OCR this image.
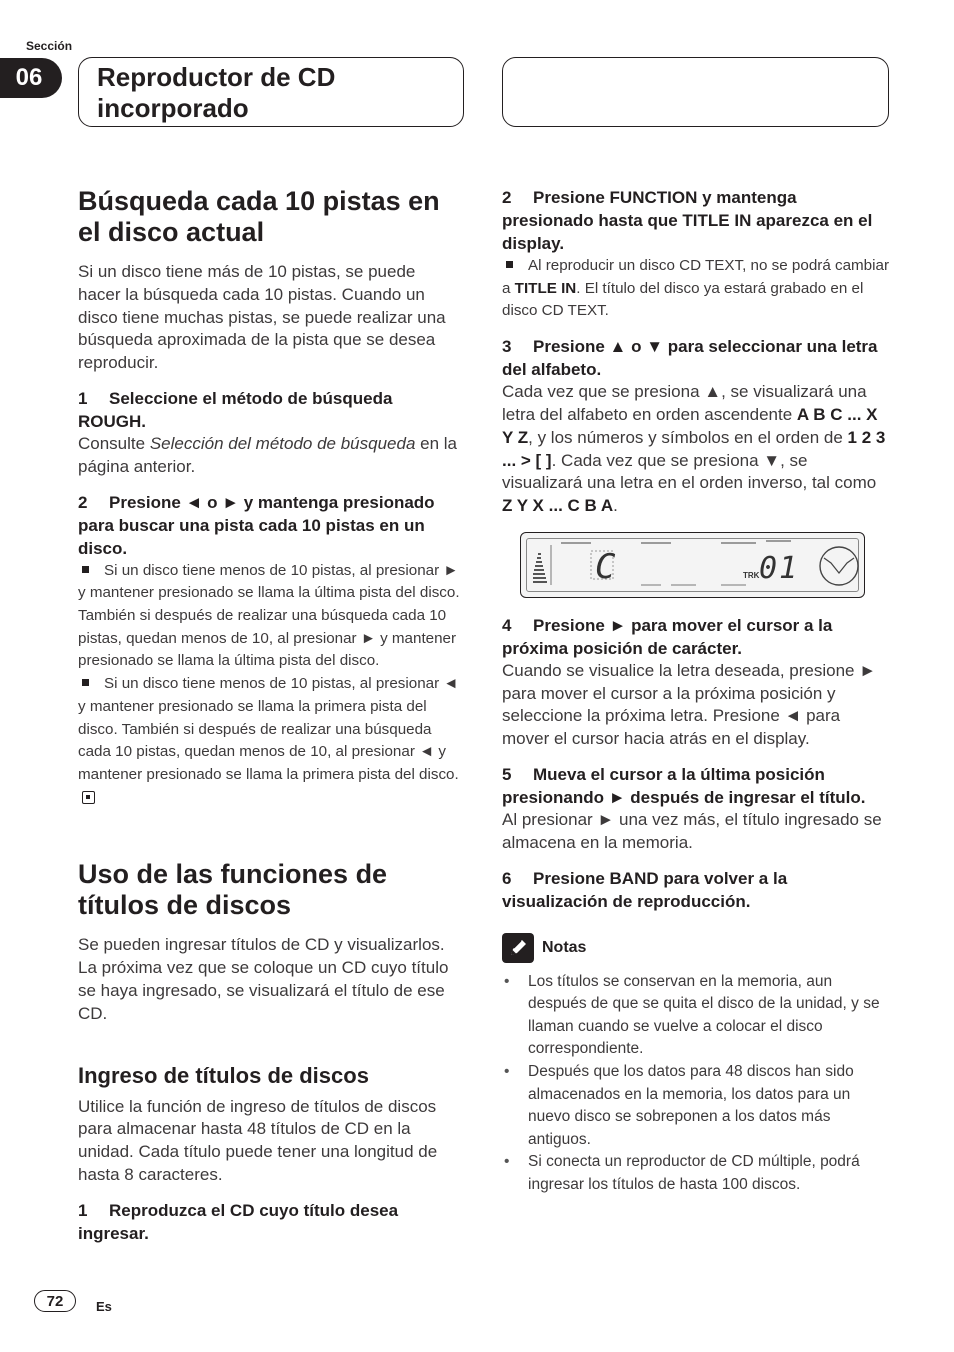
Sección
06	Reproductor de CD

incorporado

Búsqueda cada 10 pistas en el disco actual

Si un disco tiene más de 10 pistas, se puede hacer la búsqueda cada 10 pistas. Cuando un disco tiene muchas pistas, se puede realizar una búsqueda aproximada de la pista que se desea reproducir.

1 Seleccione el método de búsqueda ROUGH.

Consulte Selección del método de búsqueda en la página anterior.

2 Presione ◄ o ► y mantenga presionado para buscar una pista cada 10 pistas en un disco.

Si un disco tiene menos de 10 pistas, al presionar ► y mantener presionado se llama la última pista del disco. También si después de realizar una búsqueda cada 10 pistas, quedan menos de 10, al presionar ► y mantener presionado se llama la última pista del disco.

Si un disco tiene menos de 10 pistas, al presionar ◄ y mantener presionado se llama la primera pista del disco. También si después de realizar una búsqueda cada 10 pistas, quedan menos de 10, al presionar ◄ y mantener presionado se llama la primera pista del disco.

Uso de las funciones de títulos de discos

Se pueden ingresar títulos de CD y visualizarlos. La próxima vez que se coloque un CD cuyo título se haya ingresado, se visualizará el título de ese CD.

Ingreso de títulos de discos

Utilice la función de ingreso de títulos de discos para almacenar hasta 48 títulos de CD en la unidad. Cada título puede tener una longitud de hasta 8 caracteres.

1 Reproduzca el CD cuyo título desea ingresar.

2 Presione FUNCTION y mantenga presionado hasta que TITLE IN aparezca en el display.

Al reproducir un disco CD TEXT, no se podrá cambiar a TITLE IN. El título del disco ya estará grabado en el disco CD TEXT.

3 Presione ▲ o ▼ para seleccionar una letra del alfabeto.

Cada vez que se presiona ▲, se visualizará una letra del alfabeto en orden ascendente A B C ... X Y Z, y los números y símbolos en el orden de 1 2 3 ... > [ ]. Cada vez que se presiona ▼, se visualizará una letra en el orden inverso, tal como Z Y X ... C B A.

C	TRK 01

4 Presione ► para mover el cursor a la próxima posición de carácter.

Cuando se visualice la letra deseada, presione ► para mover el cursor a la próxima posición y seleccione la próxima letra. Presione ◄ para mover el cursor hacia atrás en el display.

5 Mueva el cursor a la última posición presionando ► después de ingresar el título.

Al presionar ► una vez más, el título ingresado se almacena en la memoria.

6 Presione BAND para volver a la visualización de reproducción.

Notas

• Los títulos se conservan en la memoria, aun después de que se quita el disco de la unidad, y se llaman cuando se vuelve a colocar el disco correspondiente.

• Después que los datos para 48 discos han sido almacenados en la memoria, los datos para un nuevo disco se sobreponen a los datos más antiguos.

• Si conecta un reproductor de CD múltiple, podrá ingresar los títulos de hasta 100 discos.

72	Es
